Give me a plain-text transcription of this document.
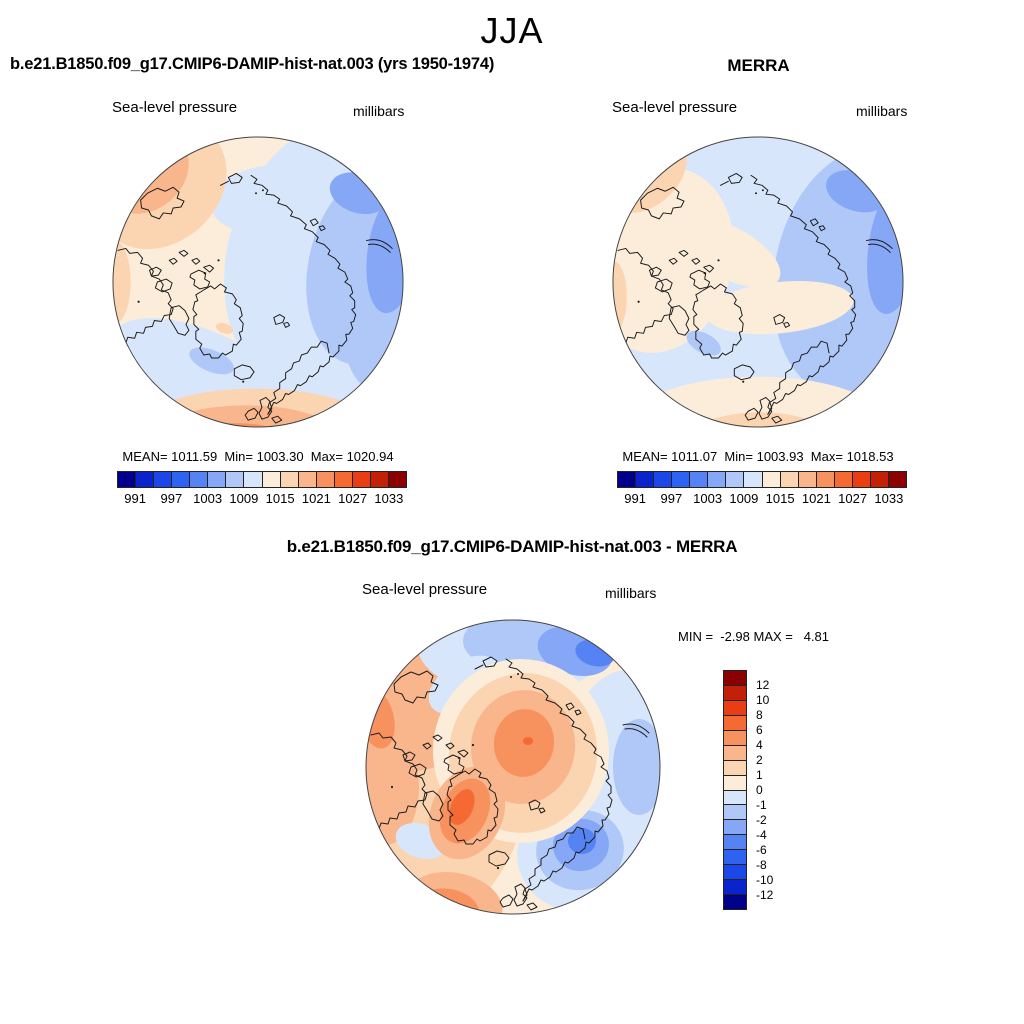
JJA
b.e21.B1850.f09_g17.CMIP6-DAMIP-hist-nat.003 (yrs 1950-1974)
Sea-level pressure	millibars
MEAN= 1011.59  Min= 1003.30  Max= 1020.94
991 997 1003 1009 1015 1021 1027 1033
MERRA
Sea-level pressure	millibars
MEAN= 1011.07  Min= 1003.93  Max= 1018.53
991 997 1003 1009 1015 1021 1027 1033
b.e21.B1850.f09_g17.CMIP6-DAMIP-hist-nat.003 - MERRA
Sea-level pressure	millibars
MIN =  -2.98 MAX =   4.81
12
10
8
6
4
2
1
0
-1
-2
-4
-6
-8
-10
-12
